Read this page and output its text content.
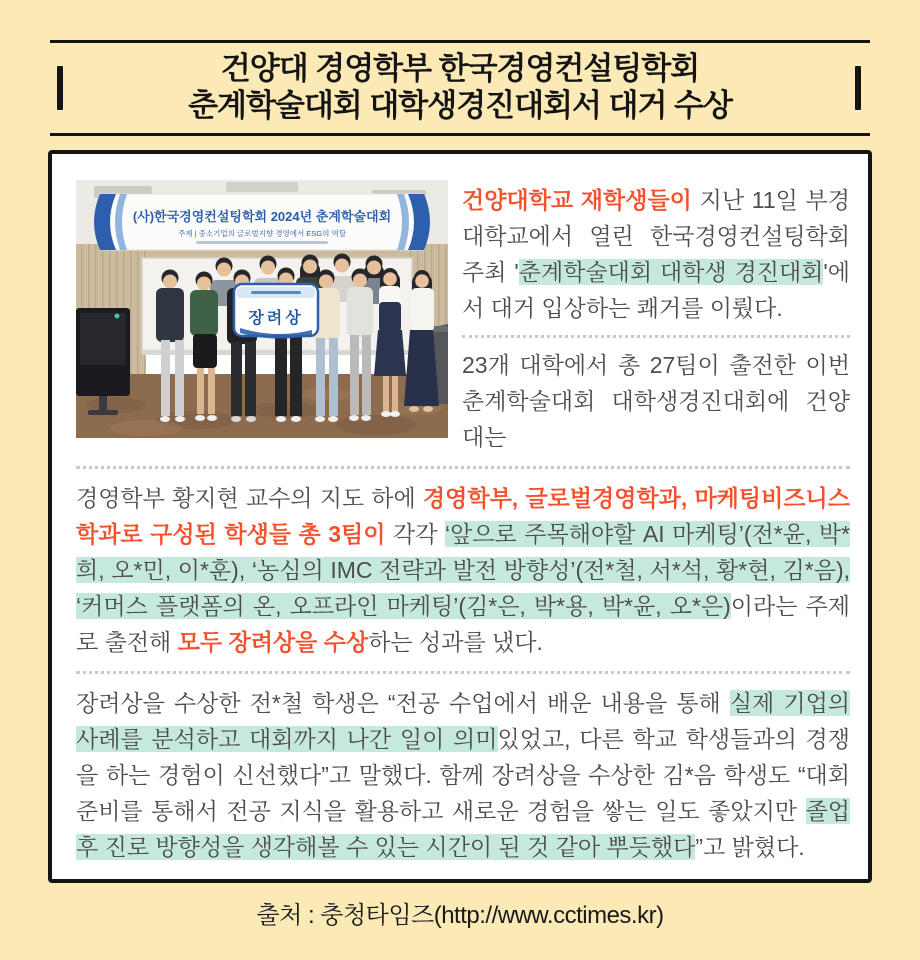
건양대 경영학부 한국경영컨설팅학회
춘계학술대회 대학생경진대회서 대거 수상
(사)한국경영컨설팅학회 2024년 춘계학술대회
주제 | 중소기업의 글로벌지향 경영에서 ESG의 역할
장려상

건양대학교 재학생들이 지난 11일 부경대학교에서 열린 한국경영컨설팅학회 주최 '춘계학술대회 대학생 경진대회'에서 대거 입상하는 쾌거를 이뤘다.

23개 대학에서 총 27팀이 출전한 이번 춘계학술대회 대학생경진대회에 건양대는

경영학부 황지현 교수의 지도 하에 경영학부, 글로벌경영학과, 마케팅비즈니스학과로 구성된 학생들 총 3팀이 각각 ‘앞으로 주목해야할 AI 마케팅’(전*윤, 박*희, 오*민, 이*훈), ‘농심의 IMC 전략과 발전 방향성’(전*철, 서*석, 황*현, 김*음), ‘커머스 플랫폼의 온, 오프라인 마케팅’(김*은, 박*용, 박*윤, 오*은)이라는 주제로 출전해 모두 장려상을 수상하는 성과를 냈다.

장려상을 수상한 전*철 학생은 “전공 수업에서 배운 내용을 통해 실제 기업의 사례를 분석하고 대회까지 나간 일이 의미있었고, 다른 학교 학생들과의 경쟁을 하는 경험이 신선했다”고 말했다. 함께 장려상을 수상한 김*음 학생도 “대회 준비를 통해서 전공 지식을 활용하고 새로운 경험을 쌓는 일도 좋았지만 졸업 후 진로 방향성을 생각해볼 수 있는 시간이 된 것 같아 뿌듯했다”고 밝혔다.

출처 : 충청타임즈(http://www.cctimes.kr)
